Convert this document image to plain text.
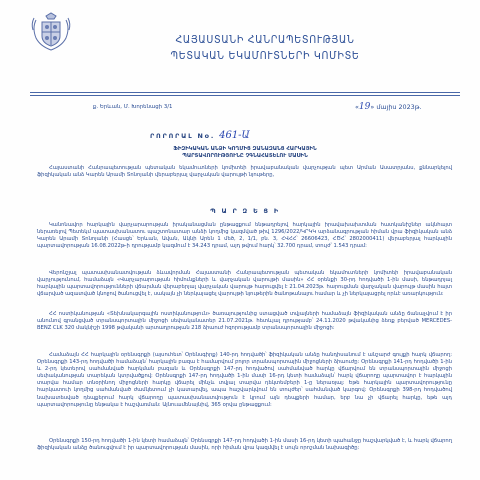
ՀԱՅԱՍՏԱՆԻ ՀԱՆՐԱՊԵՏՈՒԹՅԱՆ
ՊԵՏԱԿԱՆ ԵԿԱՄՈՒՏՆԵՐԻ ԿՈՄԻՏԵ
ք. Երևան, Մ. Խորենացի 3/1	«19» մայիս 2023թ.
ՐՈՐՈՐԱԼ No. 461-Ա
ՖԻԶԻԿԱԿԱՆ ԱՆՁԻ ԿՈՂՄԻՑ ԶԱՆԱԶԱՆՑ ՀԱՐԿԱՅԻՆ
ՊԱՐՏԱՎՈՐՈՒԹՅՈՒՆԸ ՉԳՆԱՀԱՏԵԼՈՒ ՄԱՍԻՆ
Հայաստանի Հանրապետության պետական եկամուտների կոմիտեի իրավաբանական վարչության պետ Արման Ասատրյանս, քննարկելով ֆիզիկական անձ Կարեն Արամի Տոնոյանի վերաբերյալ վարչական վարույթի նյութերը,
Պ Ա Ր Զ Ե Ց Ի
Կանոնավոր հարկային վարչարարության իրականացման ընթացքում ենթադրելով հարկային իրավախախտման հատկանիշներ ակնհայտ ներառելով Պետեկմ պատասխանատու պաշտոնատար անձի կողմից կազմված թիվ 1296/2022/ԿՐԿԿ արձանագրության հիման վրա ֆիզիկական անձ Կարեն Արամի Տոնոյանի (Հասցե՝ Երևան, Ավան, Ակնի Արեն 1 մեծ, 2, 1/1, բն. 3, ՀՎՀՀ՝ 26606423, ՀԾՀ՝ 2802000411) վերաբերյալ հարկային պարտավորության 16.08.2022թ-ի դրությամբ կազմում է 34.243 դրամ, այդ թվում հարկ՝ 32.700 դրամ, տույժ՝ 1.543 դրամ:
Վերոնշյալ պատասխանատվության ձևավորման Հայաստանի Հանրապետության պետական եկամուտների կոմիտեի իրավաբանական վարչությունում, համաձայն «Վարչարարության հիմունքների և վարչական վարույթի մասին» ՀՀ օրենքի 30-րդ հոդվածի 1-ին մասի, ենթադրյալ հարկային պարտավորությունների վճարման վերաբերյալ վարչական վարույթ հարուցվել է 21.04.2023թ. հարուցման վարչական վարույթ մասին հայտ վճարված ազատված կնոջով ծանուցվել է, սակայն չի ներկայացել վարույթի նյութերին ծանոթանալու համար և չի ներկայացրել որևէ առարկություն:
ՀՀ ոստիկանության «Տեխնակարգային ոստիկանություն» ծառայությունից ստացված տվյալների համաձայն ֆիզիկական անձը ճանաչվում է իր անունով գրանցված տրանսպորտային միջոցի սեփականատեր 21.07.2021թ. հետևյալ դրությամբ՝ 24.11.2020 թվականից ձեռք բերված MERCEDES-BENZ CLK 320 մակնիշի 1998 թվականի արտադրության 218 ձիաուժ հզորությամբ տրանսպորտային միջոցի:
Համաձայն ՀՀ հարկային օրենսգրքի (այսուհետ՝ Օրենսգիրք) 140-րդ հոդվածի՝ ֆիզիկական անձը հանդիսանում է անշարժ գույքի հարկ վճարող: Օրենսգրքի 143-րդ հոդվածի համաձայն՝ հարկային բազա է համարվում բոլոր տրանսպորտային միջոցների ձիաուժը: Օրենսգրքի 141-րդ հոդվածի 1-ին և 2-րդ կետերով սահմանված հարկման բազան և Օրենսգրքի 147-րդ հոդվածով սահմանված հարկը վճարվում են տրանսպորտային միջոցի սեփականության տարեկան կտրվածքով: Օրենսգրքի 147-րդ հոդվածի 1-ին մասի 16-րդ կետի համաձայն՝ հարկ վճարողը պարտավոր է հարկային տարվա համար տնօրինող միջոցների հարկը վճարել մինչև տվյալ տարվա դեկտեմբերի 1-ը ներառյալ: Եթե հարկային պարտավորությունը հարկատուի կողմից սահմանված ժամկետում չի կատարվել, ապա հաշվարկվում են տույժեր՝ սահմանված կարգով: Օրենսգրքի 398-րդ հոդվածով նախատեսված դեպքերում հարկ վճարողը պատասխանատվություն է կրում այն դեպքերի համար, երբ նա չի վճարել հարկը, եթե այդ պարտավորությունը ենթակա է հաշվառման: Այնուամենայնիվ, 365 օրվա ընթացքում:
Օրենսգրքի 150-րդ հոդվածի 1-ին կետի համաձայն՝ Օրենսգրքի 147-րդ հոդվածի 1-ին մասի 16-րդ կետի պահանջը հաշվարկված է, և հարկ վճարող ֆիզիկական անձը ծանուցվում է իր պարտավորության մասին, որի հիման վրա կազմվել է սույն որոշման նախագիծը:
